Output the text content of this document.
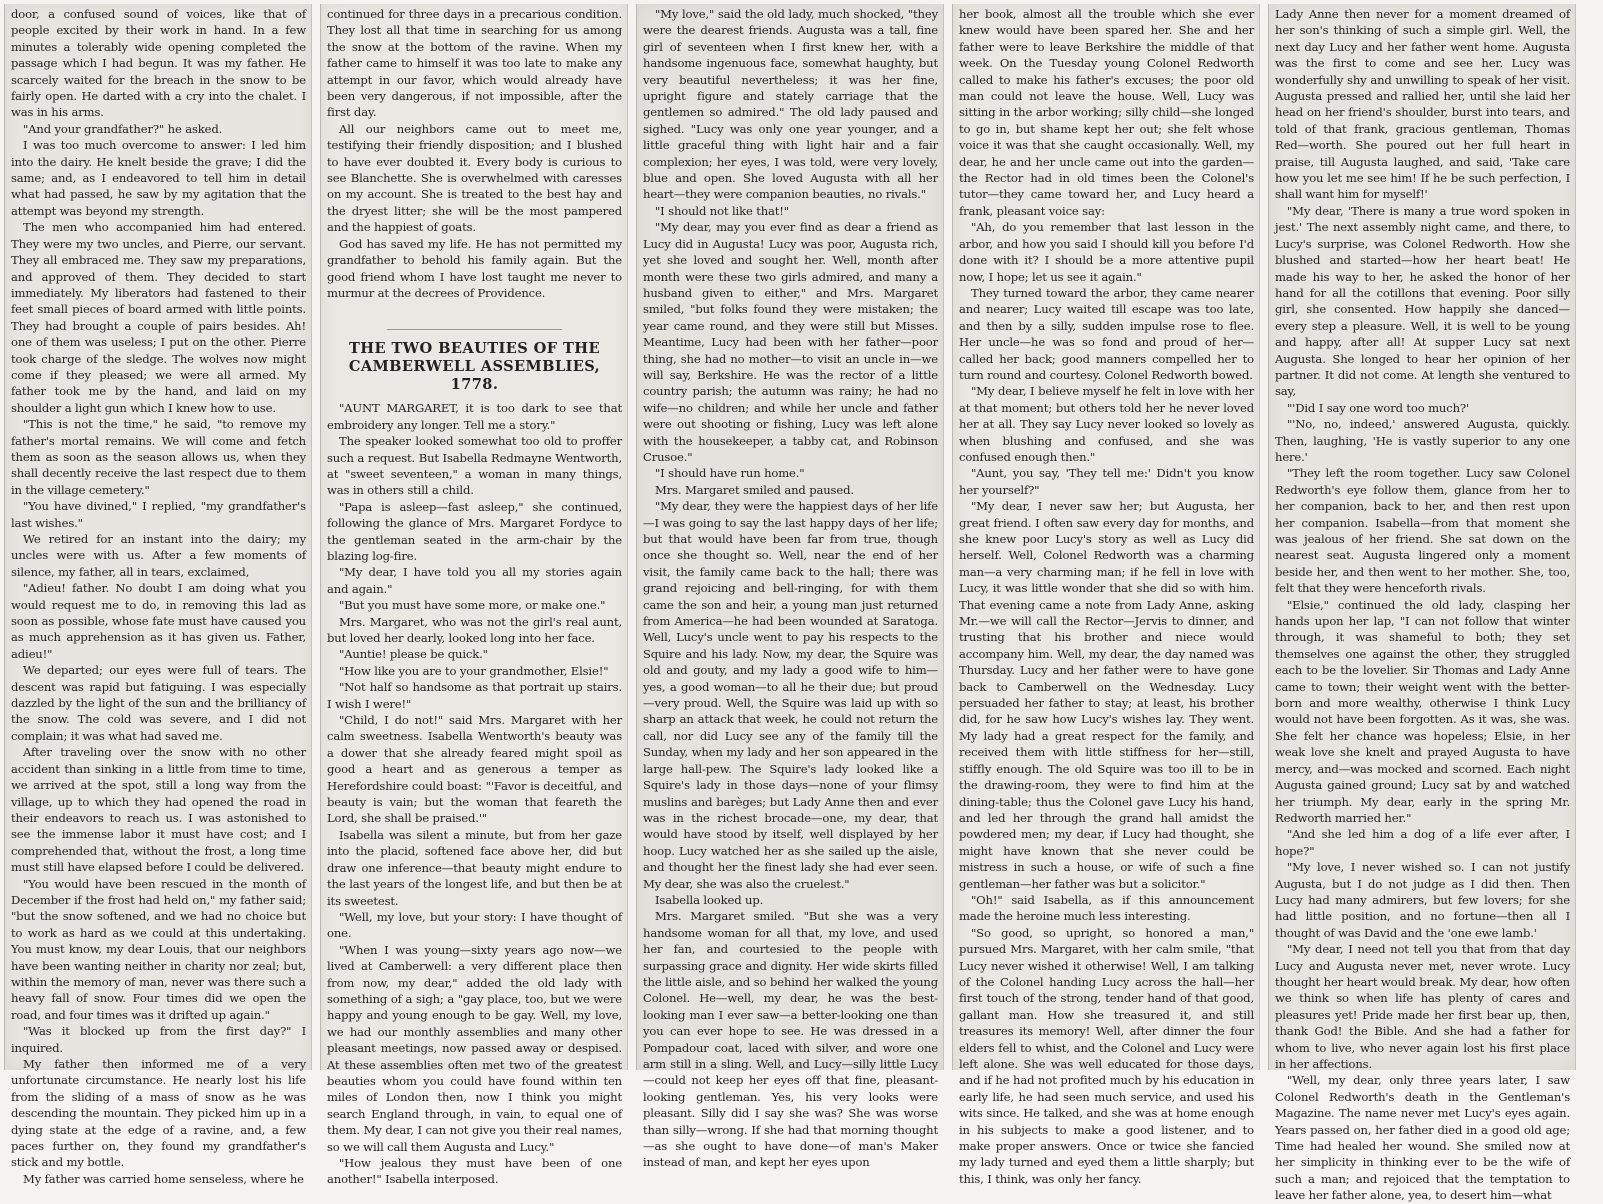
door, a confused sound of voices, like that of people excited by their work in hand. In a few minutes a tolerably wide opening completed the passage which I had begun. It was my father. He scarcely waited for the breach in the snow to be fairly open. He darted with a cry into the chalet. I was in his arms.

"And your grandfather?" he asked.

I was too much overcome to answer: I led him into the dairy. He knelt beside the grave; I did the same; and, as I endeavored to tell him in detail what had passed, he saw by my agitation that the attempt was beyond my strength.

The men who accompanied him had entered. They were my two uncles, and Pierre, our servant. They all embraced me. They saw my preparations, and approved of them. They decided to start immediately. My liberators had fastened to their feet small pieces of board armed with little points. They had brought a couple of pairs besides. Ah! one of them was useless; I put on the other. Pierre took charge of the sledge. The wolves now might come if they pleased; we were all armed. My father took me by the hand, and laid on my shoulder a light gun which I knew how to use.

"This is not the time," he said, "to remove my father's mortal remains. We will come and fetch them as soon as the season allows us, when they shall decently receive the last respect due to them in the village cemetery."

"You have divined," I replied, "my grandfather's last wishes."

We retired for an instant into the dairy; my uncles were with us. After a few moments of silence, my father, all in tears, exclaimed,

"Adieu! father. No doubt I am doing what you would request me to do, in removing this lad as soon as possible, whose fate must have caused you as much apprehension as it has given us. Father, adieu!"

We departed; our eyes were full of tears. The descent was rapid but fatiguing. I was especially dazzled by the light of the sun and the brilliancy of the snow. The cold was severe, and I did not complain; it was what had saved me.

After traveling over the snow with no other accident than sinking in a little from time to time, we arrived at the spot, still a long way from the village, up to which they had opened the road in their endeavors to reach us. I was astonished to see the immense labor it must have cost; and I comprehended that, without the frost, a long time must still have elapsed before I could be delivered.

"You would have been rescued in the month of December if the frost had held on," my father said; "but the snow softened, and we had no choice but to work as hard as we could at this undertaking. You must know, my dear Louis, that our neighbors have been wanting neither in charity nor zeal; but, within the memory of man, never was there such a heavy fall of snow. Four times did we open the road, and four times was it drifted up again."

"Was it blocked up from the first day?" I inquired.

My father then informed me of a very unfortunate circumstance. He nearly lost his life from the sliding of a mass of snow as he was descending the mountain. They picked him up in a dying state at the edge of a ravine, and, a few paces further on, they found my grandfather's stick and my bottle.

My father was carried home senseless, where he

continued for three days in a precarious condition. They lost all that time in searching for us among the snow at the bottom of the ravine. When my father came to himself it was too late to make any attempt in our favor, which would already have been very dangerous, if not impossible, after the first day.

All our neighbors came out to meet me, testifying their friendly disposition; and I blushed to have ever doubted it. Every body is curious to see Blanchette. She is overwhelmed with caresses on my account. She is treated to the best hay and the dryest litter; she will be the most pampered and the happiest of goats.

God has saved my life. He has not permitted my grandfather to behold his family again. But the good friend whom I have lost taught me never to murmur at the decrees of Providence.

THE TWO BEAUTIES OF THE CAMBERWELL ASSEMBLIES, 1778.

"AUNT MARGARET, it is too dark to see that embroidery any longer. Tell me a story."

The speaker looked somewhat too old to proffer such a request. But Isabella Redmayne Wentworth, at "sweet seventeen," a woman in many things, was in others still a child.

"Papa is asleep—fast asleep," she continued, following the glance of Mrs. Margaret Fordyce to the gentleman seated in the arm-chair by the blazing log-fire.

"My dear, I have told you all my stories again and again."

"But you must have some more, or make one."

Mrs. Margaret, who was not the girl's real aunt, but loved her dearly, looked long into her face.

"Auntie! please be quick."

"How like you are to your grandmother, Elsie!"

"Not half so handsome as that portrait up stairs. I wish I were!"

"Child, I do not!" said Mrs. Margaret with her calm sweetness. Isabella Wentworth's beauty was a dower that she already feared might spoil as good a heart and as generous a temper as Herefordshire could boast: "'Favor is deceitful, and beauty is vain; but the woman that feareth the Lord, she shall be praised.'"

Isabella was silent a minute, but from her gaze into the placid, softened face above her, did but draw one inference—that beauty might endure to the last years of the longest life, and but then be at its sweetest.

"Well, my love, but your story: I have thought of one.

"When I was young—sixty years ago now—we lived at Camberwell: a very different place then from now, my dear," added the old lady with something of a sigh; a "gay place, too, but we were happy and young enough to be gay. Well, my love, we had our monthly assemblies and many other pleasant meetings, now passed away or despised. At these assemblies often met two of the greatest beauties whom you could have found within ten miles of London then, now I think you might search England through, in vain, to equal one of them. My dear, I can not give you their real names, so we will call them Augusta and Lucy."

"How jealous they must have been of one another!" Isabella interposed.

"My love," said the old lady, much shocked, "they were the dearest friends. Augusta was a tall, fine girl of seventeen when I first knew her, with a handsome ingenuous face, somewhat haughty, but very beautiful nevertheless; it was her fine, upright figure and stately carriage that the gentlemen so admired." The old lady paused and sighed. "Lucy was only one year younger, and a little graceful thing with light hair and a fair complexion; her eyes, I was told, were very lovely, blue and open. She loved Augusta with all her heart—they were companion beauties, no rivals."

"I should not like that!"

"My dear, may you ever find as dear a friend as Lucy did in Augusta! Lucy was poor, Augusta rich, yet she loved and sought her. Well, month after month were these two girls admired, and many a husband given to either," and Mrs. Margaret smiled, "but folks found they were mistaken; the year came round, and they were still but Misses. Meantime, Lucy had been with her father—poor thing, she had no mother—to visit an uncle in—we will say, Berkshire. He was the rector of a little country parish; the autumn was rainy; he had no wife—no children; and while her uncle and father were out shooting or fishing, Lucy was left alone with the housekeeper, a tabby cat, and Robinson Crusoe."

"I should have run home."

Mrs. Margaret smiled and paused.

"My dear, they were the happiest days of her life—I was going to say the last happy days of her life; but that would have been far from true, though once she thought so. Well, near the end of her visit, the family came back to the hall; there was grand rejoicing and bell-ringing, for with them came the son and heir, a young man just returned from America—he had been wounded at Saratoga. Well, Lucy's uncle went to pay his respects to the Squire and his lady. Now, my dear, the Squire was old and gouty, and my lady a good wife to him—yes, a good woman—to all he their due; but proud—very proud. Well, the Squire was laid up with so sharp an attack that week, he could not return the call, nor did Lucy see any of the family till the Sunday, when my lady and her son appeared in the large hall-pew. The Squire's lady looked like a Squire's lady in those days—none of your flimsy muslins and barèges; but Lady Anne then and ever was in the richest brocade—one, my dear, that would have stood by itself, well displayed by her hoop. Lucy watched her as she sailed up the aisle, and thought her the finest lady she had ever seen. My dear, she was also the cruelest."

Isabella looked up.

Mrs. Margaret smiled. "But she was a very handsome woman for all that, my love, and used her fan, and courtesied to the people with surpassing grace and dignity. Her wide skirts filled the little aisle, and so behind her walked the young Colonel. He—well, my dear, he was the best-looking man I ever saw—a better-looking one than you can ever hope to see. He was dressed in a Pompadour coat, laced with silver, and wore one arm still in a sling. Well, and Lucy—silly little Lucy—could not keep her eyes off that fine, pleasant-looking gentleman. Yes, his very looks were pleasant. Silly did I say she was? She was worse than silly—wrong. If she had that morning thought—as she ought to have done—of man's Maker instead of man, and kept her eyes upon

her book, almost all the trouble which she ever knew would have been spared her. She and her father were to leave Berkshire the middle of that week. On the Tuesday young Colonel Redworth called to make his father's excuses; the poor old man could not leave the house. Well, Lucy was sitting in the arbor working; silly child—she longed to go in, but shame kept her out; she felt whose voice it was that she caught occasionally. Well, my dear, he and her uncle came out into the garden—the Rector had in old times been the Colonel's tutor—they came toward her, and Lucy heard a frank, pleasant voice say:

"Ah, do you remember that last lesson in the arbor, and how you said I should kill you before I'd done with it? I should be a more attentive pupil now, I hope; let us see it again."

They turned toward the arbor, they came nearer and nearer; Lucy waited till escape was too late, and then by a silly, sudden impulse rose to flee. Her uncle—he was so fond and proud of her—called her back; good manners compelled her to turn round and courtesy. Colonel Redworth bowed.

"My dear, I believe myself he felt in love with her at that moment; but others told her he never loved her at all. They say Lucy never looked so lovely as when blushing and confused, and she was confused enough then."

"Aunt, you say, 'They tell me:' Didn't you know her yourself?"

"My dear, I never saw her; but Augusta, her great friend. I often saw every day for months, and she knew poor Lucy's story as well as Lucy did herself. Well, Colonel Redworth was a charming man—a very charming man; if he fell in love with Lucy, it was little wonder that she did so with him. That evening came a note from Lady Anne, asking Mr.—we will call the Rector—Jervis to dinner, and trusting that his brother and niece would accompany him. Well, my dear, the day named was Thursday. Lucy and her father were to have gone back to Camberwell on the Wednesday. Lucy persuaded her father to stay; at least, his brother did, for he saw how Lucy's wishes lay. They went. My lady had a great respect for the family, and received them with little stiffness for her—still, stiffly enough. The old Squire was too ill to be in the drawing-room, they were to find him at the dining-table; thus the Colonel gave Lucy his hand, and led her through the grand hall amidst the powdered men; my dear, if Lucy had thought, she might have known that she never could be mistress in such a house, or wife of such a fine gentleman—her father was but a solicitor."

"Oh!" said Isabella, as if this announcement made the heroine much less interesting.

"So good, so upright, so honored a man," pursued Mrs. Margaret, with her calm smile, "that Lucy never wished it otherwise! Well, I am talking of the Colonel handing Lucy across the hall—her first touch of the strong, tender hand of that good, gallant man. How she treasured it, and still treasures its memory! Well, after dinner the four elders fell to whist, and the Colonel and Lucy were left alone. She was well educated for those days, and if he had not profited much by his education in early life, he had seen much service, and used his wits since. He talked, and she was at home enough in his subjects to make a good listener, and to make proper answers. Once or twice she fancied my lady turned and eyed them a little sharply; but this, I think, was only her fancy.

Lady Anne then never for a moment dreamed of her son's thinking of such a simple girl. Well, the next day Lucy and her father went home. Augusta was the first to come and see her. Lucy was wonderfully shy and unwilling to speak of her visit. Augusta pressed and rallied her, until she laid her head on her friend's shoulder, burst into tears, and told of that frank, gracious gentleman, Thomas Red—worth. She poured out her full heart in praise, till Augusta laughed, and said, 'Take care how you let me see him! If he be such perfection, I shall want him for myself!'

"My dear, 'There is many a true word spoken in jest.' The next assembly night came, and there, to Lucy's surprise, was Colonel Redworth. How she blushed and started—how her heart beat! He made his way to her, he asked the honor of her hand for all the cotillons that evening. Poor silly girl, she consented. How happily she danced—every step a pleasure. Well, it is well to be young and happy, after all! At supper Lucy sat next Augusta. She longed to hear her opinion of her partner. It did not come. At length she ventured to say,

"'Did I say one word too much?'

"'No, no, indeed,' answered Augusta, quickly. Then, laughing, 'He is vastly superior to any one here.'

"They left the room together. Lucy saw Colonel Redworth's eye follow them, glance from her to her companion, back to her, and then rest upon her companion. Isabella—from that moment she was jealous of her friend. She sat down on the nearest seat. Augusta lingered only a moment beside her, and then went to her mother. She, too, felt that they were henceforth rivals.

"Elsie," continued the old lady, clasping her hands upon her lap, "I can not follow that winter through, it was shameful to both; they set themselves one against the other, they struggled each to be the lovelier. Sir Thomas and Lady Anne came to town; their weight went with the better-born and more wealthy, otherwise I think Lucy would not have been forgotten. As it was, she was. She felt her chance was hopeless; Elsie, in her weak love she knelt and prayed Augusta to have mercy, and—was mocked and scorned. Each night Augusta gained ground; Lucy sat by and watched her triumph. My dear, early in the spring Mr. Redworth married her."

"And she led him a dog of a life ever after, I hope?"

"My love, I never wished so. I can not justify Augusta, but I do not judge as I did then. Then Lucy had many admirers, but few lovers; for she had little position, and no fortune—then all I thought of was David and the 'one ewe lamb.'

"My dear, I need not tell you that from that day Lucy and Augusta never met, never wrote. Lucy thought her heart would break. My dear, how often we think so when life has plenty of cares and pleasures yet! Pride made her first bear up, then, thank God! the Bible. And she had a father for whom to live, who never again lost his first place in her affections.

"Well, my dear, only three years later, I saw Colonel Redworth's death in the Gentleman's Magazine. The name never met Lucy's eyes again. Years passed on, her father died in a good old age; Time had healed her wound. She smiled now at her simplicity in thinking ever to be the wife of such a man; and rejoiced that the temptation to leave her father alone, yea, to desert him—what
